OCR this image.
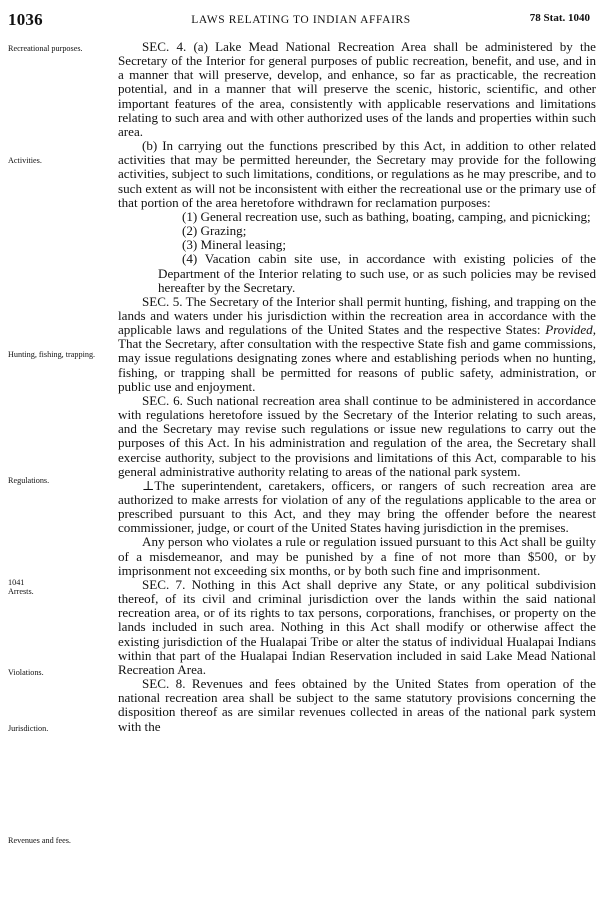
1036	LAWS RELATING TO INDIAN AFFAIRS	78 Stat. 1040
Recreational purposes.
Activities.
Hunting, fishing, trapping.
Regulations.
1041
Arrests.
Violations.
Jurisdiction.
Revenues and fees.

SEC. 4. (a) Lake Mead National Recreation Area shall be administered by the Secretary of the Interior for general purposes of public recreation, benefit, and use, and in a manner that will preserve, develop, and enhance, so far as practicable, the recreation potential, and in a manner that will preserve the scenic, historic, scientific, and other important features of the area, consistently with applicable reservations and limitations relating to such area and with other authorized uses of the lands and properties within such area.

(b) In carrying out the functions prescribed by this Act, in addition to other related activities that may be permitted hereunder, the Secretary may provide for the following activities, subject to such limitations, conditions, or regulations as he may prescribe, and to such extent as will not be inconsistent with either the recreational use or the primary use of that portion of the area heretofore withdrawn for reclamation purposes:

(1) General recreation use, such as bathing, boating, camping, and picnicking;

(2) Grazing;

(3) Mineral leasing;

(4) Vacation cabin site use, in accordance with existing policies of the Department of the Interior relating to such use, or as such policies may be revised hereafter by the Secretary.

SEC. 5. The Secretary of the Interior shall permit hunting, fishing, and trapping on the lands and waters under his jurisdiction within the recreation area in accordance with the applicable laws and regulations of the United States and the respective States: Provided, That the Secretary, after consultation with the respective State fish and game commissions, may issue regulations designating zones where and establishing periods when no hunting, fishing, or trapping shall be permitted for reasons of public safety, administration, or public use and enjoyment.

SEC. 6. Such national recreation area shall continue to be administered in accordance with regulations heretofore issued by the Secretary of the Interior relating to such areas, and the Secretary may revise such regulations or issue new regulations to carry out the purposes of this Act. In his administration and regulation of the area, the Secretary shall exercise authority, subject to the provisions and limitations of this Act, comparable to his general administrative authority relating to areas of the national park system.

⊥The superintendent, caretakers, officers, or rangers of such recreation area are authorized to make arrests for violation of any of the regulations applicable to the area or prescribed pursuant to this Act, and they may bring the offender before the nearest commissioner, judge, or court of the United States having jurisdiction in the premises.

Any person who violates a rule or regulation issued pursuant to this Act shall be guilty of a misdemeanor, and may be punished by a fine of not more than $500, or by imprisonment not exceeding six months, or by both such fine and imprisonment.

SEC. 7. Nothing in this Act shall deprive any State, or any political subdivision thereof, of its civil and criminal jurisdiction over the lands within the said national recreation area, or of its rights to tax persons, corporations, franchises, or property on the lands included in such area. Nothing in this Act shall modify or otherwise affect the existing jurisdiction of the Hualapai Tribe or alter the status of individual Hualapai Indians within that part of the Hualapai Indian Reservation included in said Lake Mead National Recreation Area.

SEC. 8. Revenues and fees obtained by the United States from operation of the national recreation area shall be subject to the same statutory provisions concerning the disposition thereof as are similar revenues collected in areas of the national park system with the
